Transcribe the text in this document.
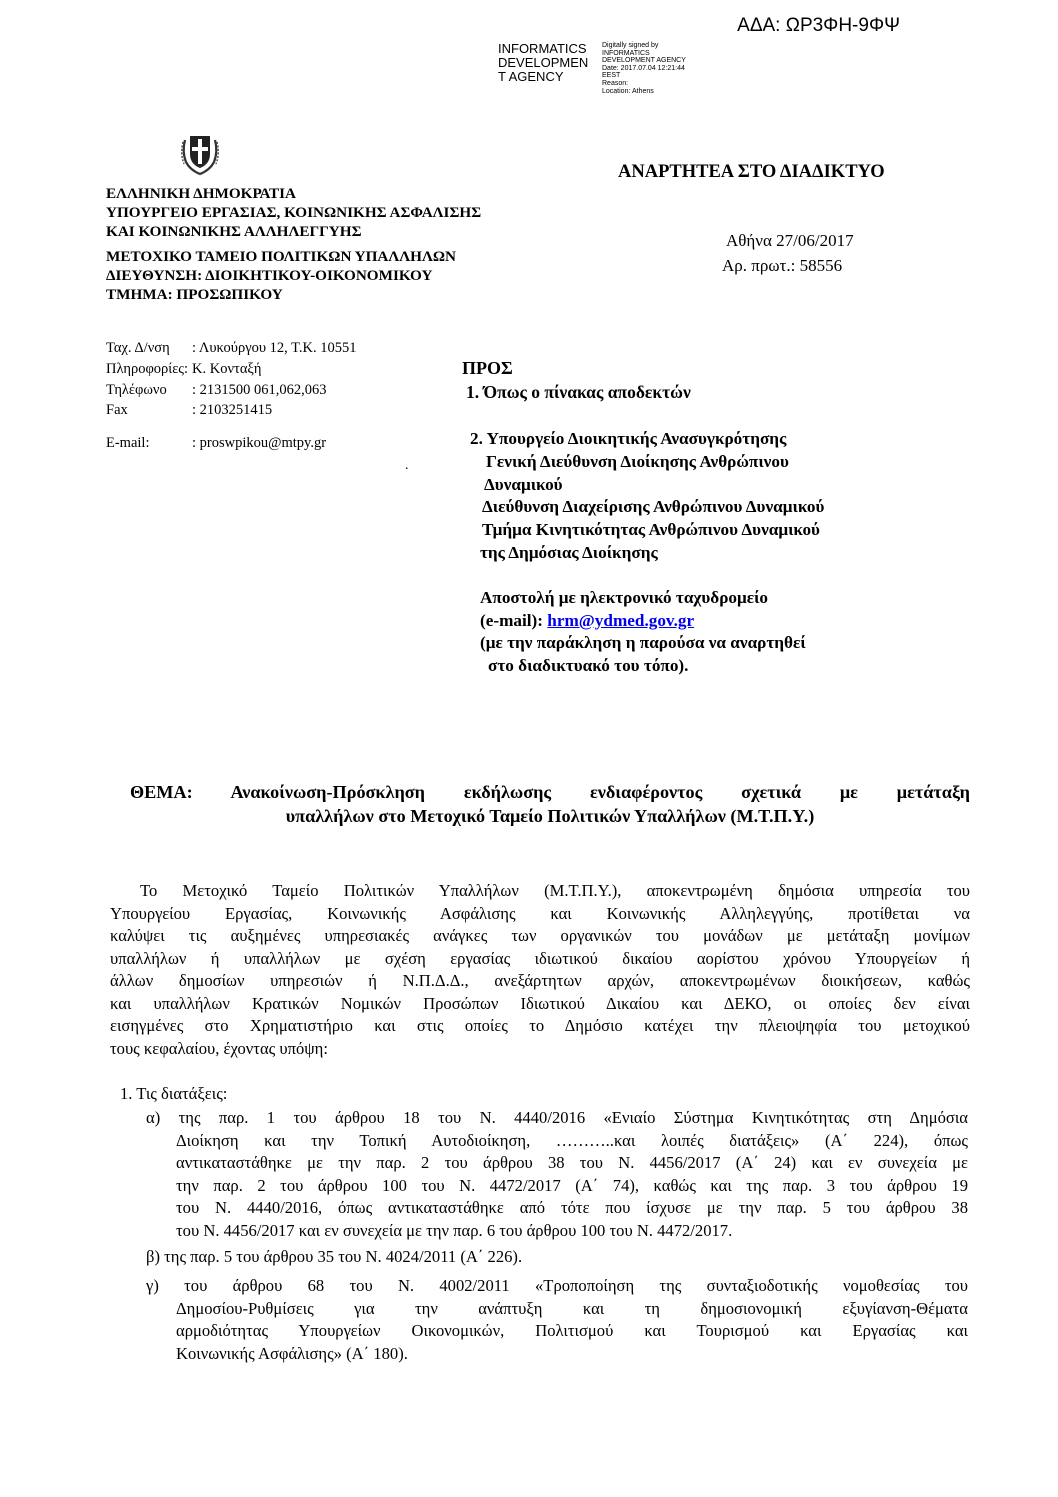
ΑΔΑ: ΩΡ3ΦΗ-9ΦΨ
INFORMATICS
DEVELOPMEN
T AGENCY
Digitally signed by
INFORMATICS
DEVELOPMENT AGENCY
Date: 2017.07.04 12:21:44
EEST
Reason:
Location: Athens
ΑΝΑΡΤΗΤΕΑ ΣΤΟ ΔΙΑΔΙΚΤΥΟ
ΕΛΛΗΝΙΚΗ ΔΗΜΟΚΡΑΤΙΑ
ΥΠΟΥΡΓΕΙΟ ΕΡΓΑΣΙΑΣ, ΚΟΙΝΩΝΙΚΗΣ ΑΣΦΑΛΙΣΗΣ
ΚΑΙ ΚΟΙΝΩΝΙΚΗΣ ΑΛΛΗΛΕΓΓΥΗΣ
ΜΕΤΟΧΙΚΟ ΤΑΜΕΙΟ ΠΟΛΙΤΙΚΩΝ ΥΠΑΛΛΗΛΩΝ
ΔΙΕΥΘΥΝΣΗ: ΔΙΟΙΚΗΤΙΚΟΥ-ΟΙΚΟΝΟΜΙΚΟΥ
ΤΜΗΜΑ: ΠΡΟΣΩΠΙΚΟΥ
Αθήνα 27/06/2017
Αρ. πρωτ.: 58556
Ταχ. Δ/νση	: Λυκούργου 12, Τ.Κ. 10551
Πληροφορίες: Κ. Κονταξή
Τηλέφωνο	: 2131500 061,062,063
Fax	: 2103251415
E-mail:	: proswpikou@mtpy.gr
ΠΡΟΣ
1. Όπως ο πίνακας αποδεκτών
.
2. Υπουργείο Διοικητικής Ανασυγκρότησης
Γενική Διεύθυνση Διοίκησης Ανθρώπινου
Δυναμικού
Διεύθυνση Διαχείρισης Ανθρώπινου Δυναμικού
Τμήμα Κινητικότητας Ανθρώπινου Δυναμικού
της Δημόσιας Διοίκησης
Αποστολή με ηλεκτρονικό ταχυδρομείο
(e-mail): hrm@ydmed.gov.gr
(με την παράκληση η παρούσα να αναρτηθεί
στο διαδικτυακό του τόπο).
ΘΕΜΑ: Ανακοίνωση-Πρόσκληση εκδήλωσης ενδιαφέροντος σχετικά με μετάταξη
υπαλλήλων στο Μετοχικό Ταμείο Πολιτικών Υπαλλήλων (Μ.Τ.Π.Υ.)
Το Μετοχικό Ταμείο Πολιτικών Υπαλλήλων (Μ.Τ.Π.Υ.), αποκεντρωμένη δημόσια υπηρεσία του
Υπουργείου Εργασίας, Κοινωνικής Ασφάλισης και Κοινωνικής Αλληλεγγύης, προτίθεται να
καλύψει τις αυξημένες υπηρεσιακές ανάγκες των οργανικών του μονάδων με μετάταξη μονίμων
υπαλλήλων ή υπαλλήλων με σχέση εργασίας ιδιωτικού δικαίου αορίστου χρόνου Υπουργείων ή
άλλων δημοσίων υπηρεσιών ή Ν.Π.Δ.Δ., ανεξάρτητων αρχών, αποκεντρωμένων διοικήσεων, καθώς
και υπαλλήλων Κρατικών Νομικών Προσώπων Ιδιωτικού Δικαίου και ΔΕΚΟ, οι οποίες δεν είναι
εισηγμένες στο Χρηματιστήριο και στις οποίες το Δημόσιο κατέχει την πλειοψηφία του μετοχικού
τους κεφαλαίου, έχοντας υπόψη:
1. Τις διατάξεις:
α) της παρ. 1 του άρθρου 18 του Ν. 4440/2016 «Ενιαίο Σύστημα Κινητικότητας στη Δημόσια
Διοίκηση και την Τοπική Αυτοδιοίκηση, ………..και λοιπές διατάξεις» (Α΄ 224), όπως
αντικαταστάθηκε με την παρ. 2 του άρθρου 38 του Ν. 4456/2017 (Α΄ 24) και εν συνεχεία με
την παρ. 2 του άρθρου 100 του Ν. 4472/2017 (Α΄ 74), καθώς και της παρ. 3 του άρθρου 19
του Ν. 4440/2016, όπως αντικαταστάθηκε από τότε που ίσχυσε με την παρ. 5 του άρθρου 38
του Ν. 4456/2017 και εν συνεχεία με την παρ. 6 του άρθρου 100 του Ν. 4472/2017.
β) της παρ. 5 του άρθρου 35 του Ν. 4024/2011 (Α΄ 226).
γ) του άρθρου 68 του Ν. 4002/2011 «Τροποποίηση της συνταξιοδοτικής νομοθεσίας του
Δημοσίου-Ρυθμίσεις για την ανάπτυξη και τη δημοσιονομική εξυγίανση-Θέματα
αρμοδιότητας Υπουργείων Οικονομικών, Πολιτισμού και Τουρισμού και Εργασίας και
Κοινωνικής Ασφάλισης» (Α΄ 180).
